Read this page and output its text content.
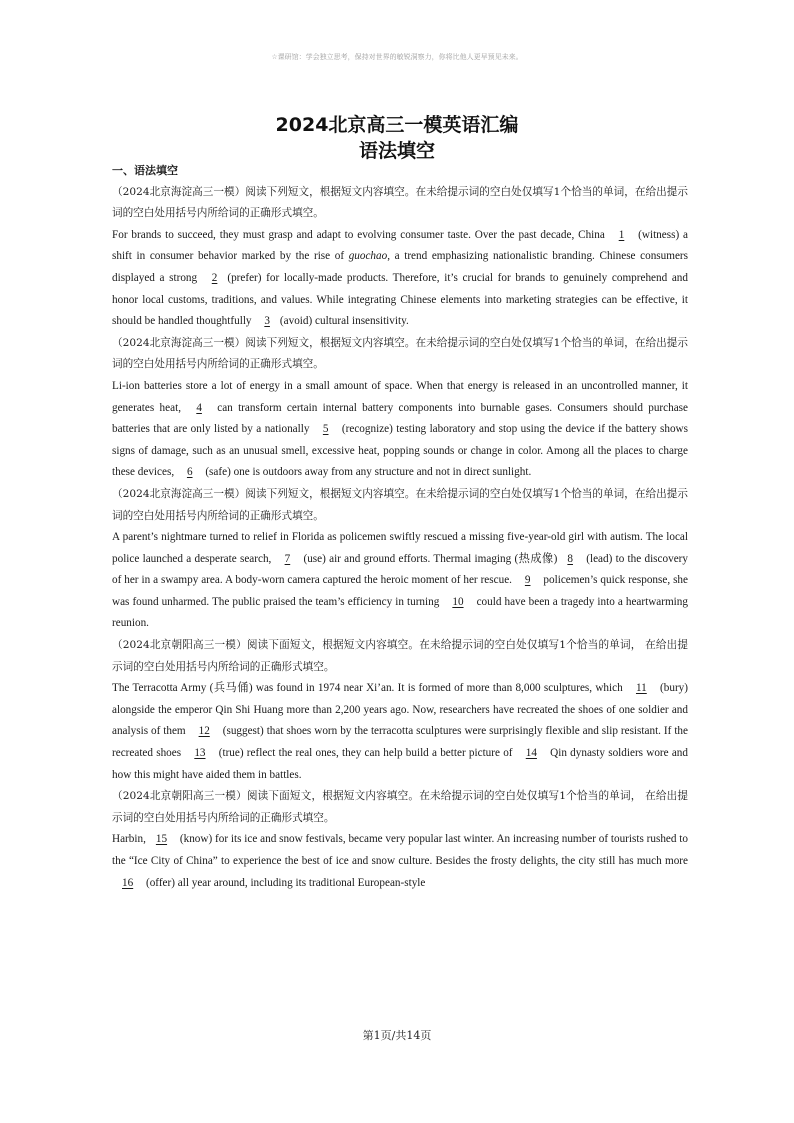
☆课研馆：学会独立思考，保持对世界的敏锐洞察力，你将比他人更早预见未来。
2024北京高三一模英语汇编
语法填空
一、语法填空

（2024北京海淀高三一模）阅读下列短文，根据短文内容填空。在未给提示词的空白处仅填写1个恰当的单词，在给出提示词的空白处用括号内所给词的正确形式填空。

For brands to succeed, they must grasp and adapt to evolving consumer taste. Over the past decade, China 1 (witness) a shift in consumer behavior marked by the rise of guochao, a trend emphasizing nationalistic branding. Chinese consumers displayed a strong 2 (prefer) for locally-made products. Therefore, it’s crucial for brands to genuinely comprehend and honor local customs, traditions, and values. While integrating Chinese elements into marketing strategies can be effective, it should be handled thoughtfully 3 (avoid) cultural insensitivity.

（2024北京海淀高三一模）阅读下列短文，根据短文内容填空。在未给提示词的空白处仅填写1个恰当的单词，在给出提示词的空白处用括号内所给词的正确形式填空。

Li-ion batteries store a lot of energy in a small amount of space. When that energy is released in an uncontrolled manner, it generates heat, 4 can transform certain internal battery components into burnable gases. Consumers should purchase batteries that are only listed by a nationally 5 (recognize) testing laboratory and stop using the device if the battery shows signs of damage, such as an unusual smell, excessive heat, popping sounds or change in color. Among all the places to charge these devices, 6 (safe) one is outdoors away from any structure and not in direct sunlight.

（2024北京海淀高三一模）阅读下列短文，根据短文内容填空。在未给提示词的空白处仅填写1个恰当的单词，在给出提示词的空白处用括号内所给词的正确形式填空。

A parent’s nightmare turned to relief in Florida as policemen swiftly rescued a missing five-year-old girl with autism. The local police launched a desperate search, 7 (use) air and ground efforts. Thermal imaging (热成像) 8 (lead) to the discovery of her in a swampy area. A body-worn camera captured the heroic moment of her rescue. 9 policemen’s quick response, she was found unharmed. The public praised the team’s efficiency in turning 10 could have been a tragedy into a heartwarming reunion.

（2024北京朝阳高三一模）阅读下面短文，根据短文内容填空。在未给提示词的空白处仅填写1个恰当的单词， 在给出提示词的空白处用括号内所给词的正确形式填空。

The Terracotta Army (兵马俑) was found in 1974 near Xi’an. It is formed of more than 8,000 sculptures, which 11 (bury) alongside the emperor Qin Shi Huang more than 2,200 years ago. Now, researchers have recreated the shoes of one soldier and analysis of them 12 (suggest) that shoes worn by the terracotta sculptures were surprisingly flexible and slip resistant. If the recreated shoes 13 (true) reflect the real ones, they can help build a better picture of 14 Qin dynasty soldiers wore and how this might have aided them in battles.

（2024北京朝阳高三一模）阅读下面短文，根据短文内容填空。在未给提示词的空白处仅填写1个恰当的单词， 在给出提示词的空白处用括号内所给词的正确形式填空。

Harbin, 15 (know) for its ice and snow festivals, became very popular last winter. An increasing number of tourists rushed to the “Ice City of China” to experience the best of ice and snow culture. Besides the frosty delights, the city still has much more 16 (offer) all year around, including its traditional European-style

第1页/共14页
